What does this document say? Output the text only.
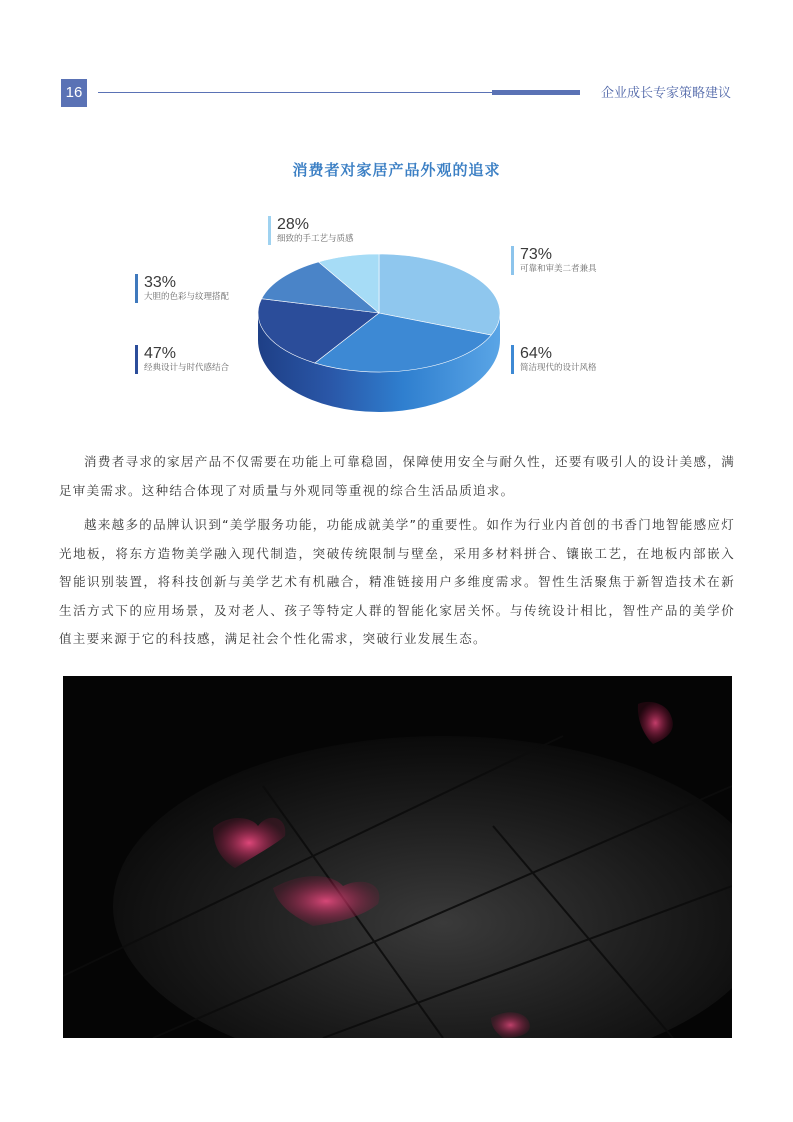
16	企业成长专家策略建议
消费者对家居产品外观的追求
28%
细致的手工艺与质感
73%
可靠和审美二者兼具
33%
大胆的色彩与纹理搭配
47%
经典设计与时代感结合
64%
简洁现代的设计风格

消费者寻求的家居产品不仅需要在功能上可靠稳固，保障使用安全与耐久性，还要有吸引人的设计美感，满足审美需求。这种结合体现了对质量与外观同等重视的综合生活品质追求。

越来越多的品牌认识到“美学服务功能，功能成就美学”的重要性。如作为行业内首创的书香门地智能感应灯光地板，将东方造物美学融入现代制造，突破传统限制与壁垒，采用多材料拼合、镶嵌工艺，在地板内部嵌入智能识别装置，将科技创新与美学艺术有机融合，精准链接用户多维度需求。智性生活聚焦于新智造技术在新生活方式下的应用场景，及对老人、孩子等特定人群的智能化家居关怀。与传统设计相比，智性产品的美学价值主要来源于它的科技感，满足社会个性化需求，突破行业发展生态。
